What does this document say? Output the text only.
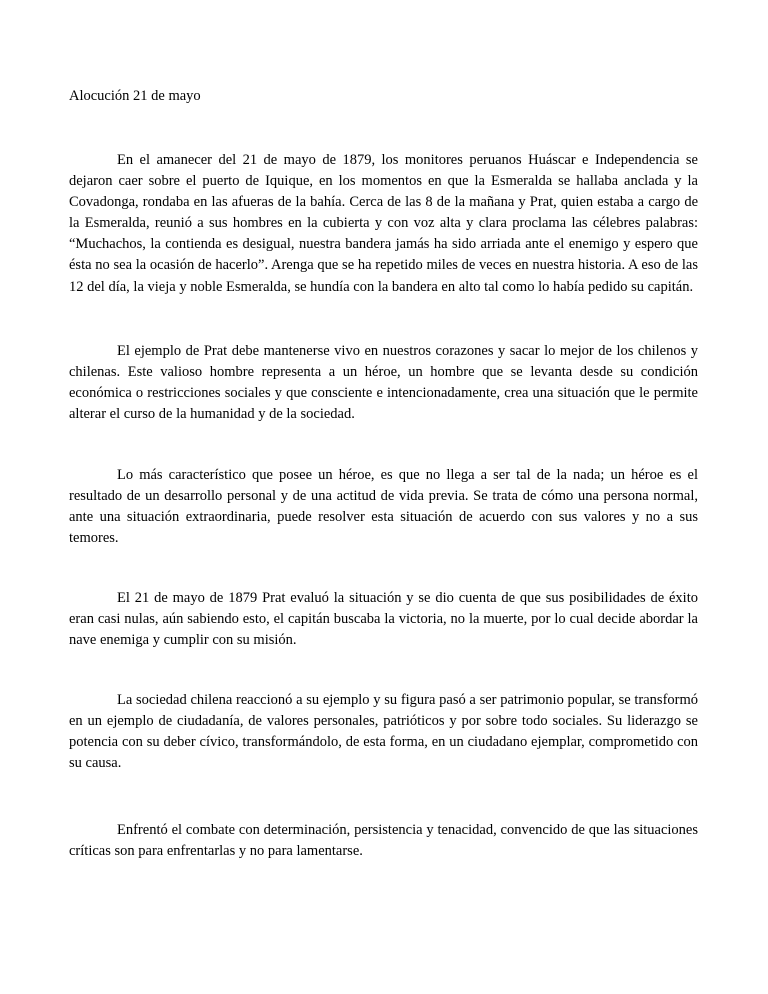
Alocución 21 de mayo

En el amanecer del 21 de mayo de 1879, los monitores peruanos Huáscar e Independencia se dejaron caer sobre el puerto de Iquique, en los momentos en que la Esmeralda se hallaba anclada y la Covadonga, rondaba en las afueras de la bahía. Cerca de las 8 de la mañana y Prat, quien estaba a cargo de la Esmeralda, reunió a sus hombres en la cubierta y con voz alta y clara proclama las célebres palabras: “Muchachos, la contienda es desigual, nuestra bandera jamás ha sido arriada ante el enemigo y espero que ésta no sea la ocasión de hacerlo”. Arenga que se ha repetido miles de veces en nuestra historia. A eso de las 12 del día, la vieja y noble Esmeralda, se hundía con la bandera en alto tal como lo había pedido su capitán.

El ejemplo de Prat debe mantenerse vivo en nuestros corazones y sacar lo mejor de los chilenos y chilenas. Este valioso hombre representa a un héroe, un hombre que se levanta desde su condición económica o restricciones sociales y que consciente e intencionadamente, crea una situación que le permite alterar el curso de la humanidad y de la sociedad.

Lo más característico que posee un héroe, es que no llega a ser tal de la nada; un héroe es el resultado de un desarrollo personal y de una actitud de vida previa. Se trata de cómo una persona normal, ante una situación extraordinaria, puede resolver esta situación de acuerdo con sus valores y no a sus temores.

El 21 de mayo de 1879 Prat evaluó la situación y se dio cuenta de que sus posibilidades de éxito eran casi nulas, aún sabiendo esto, el capitán buscaba la victoria, no la muerte, por lo cual decide abordar la nave enemiga y cumplir con su misión.

La sociedad chilena reaccionó a su ejemplo y su figura pasó a ser patrimonio popular, se transformó en un ejemplo de ciudadanía, de valores personales, patrióticos y por sobre todo sociales. Su liderazgo se potencia con su deber cívico, transformándolo, de esta forma, en un ciudadano ejemplar, comprometido con su causa.

Enfrentó el combate con determinación, persistencia y tenacidad, convencido de que las situaciones críticas son para enfrentarlas y no para lamentarse.
